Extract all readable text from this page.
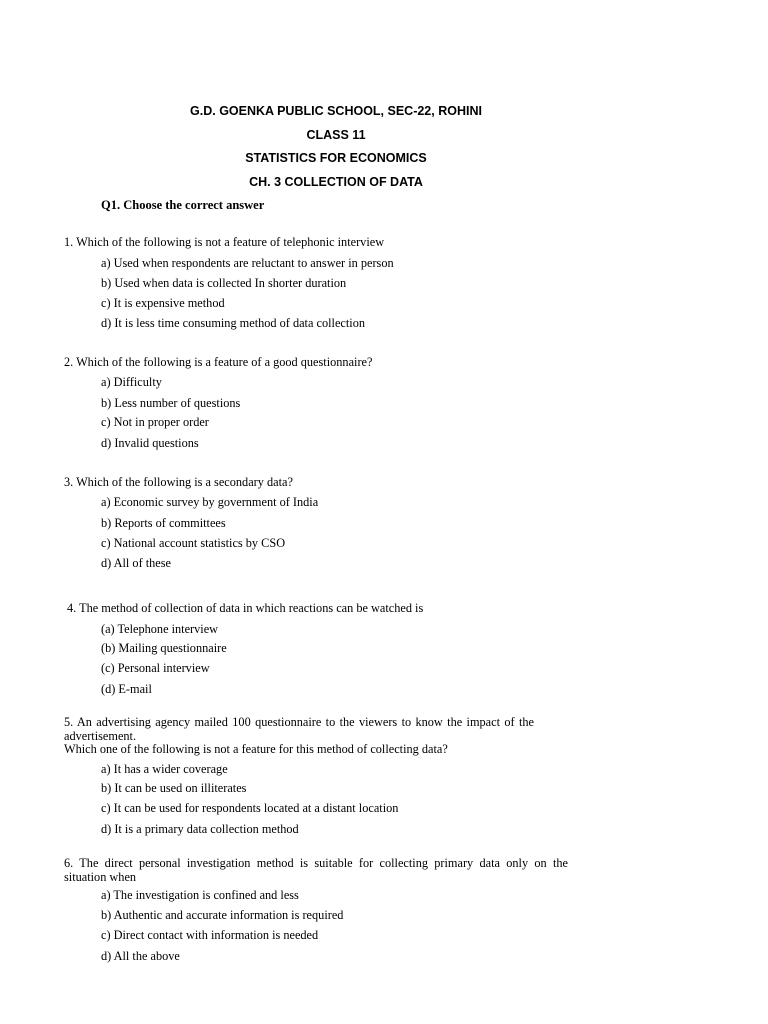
G.D. GOENKA PUBLIC SCHOOL, SEC-22, ROHINI
CLASS 11
STATISTICS FOR ECONOMICS
CH. 3 COLLECTION OF DATA
Q1. Choose the correct answer
1. Which of the following is not a feature of telephonic interview
a) Used when respondents are reluctant to answer in person
b) Used when data is collected In shorter duration
c) It is expensive method
d) It is less time consuming method of data collection
2. Which of the following is a feature of a good questionnaire?
a) Difficulty
b) Less number of questions
c) Not in proper order
d) Invalid questions
3. Which of the following is a secondary data?
a) Economic survey by government of India
b) Reports of committees
c) National account statistics by CSO
d) All of these
4. The method of collection of data in which reactions can be watched is
(a) Telephone interview
(b) Mailing questionnaire
(c) Personal interview
(d) E-mail
5. An advertising agency mailed 100 questionnaire to the viewers to know the impact of the advertisement.
Which one of the following is not a feature for this method of collecting data?
a) It has a wider coverage
b) It can be used on illiterates
c) It can be used for respondents located at a distant location
d) It is a primary data collection method
6. The direct personal investigation method is suitable for collecting primary data only on the situation when
a) The investigation is confined and less
b) Authentic and accurate information is required
c) Direct contact with information is needed
d) All the above
